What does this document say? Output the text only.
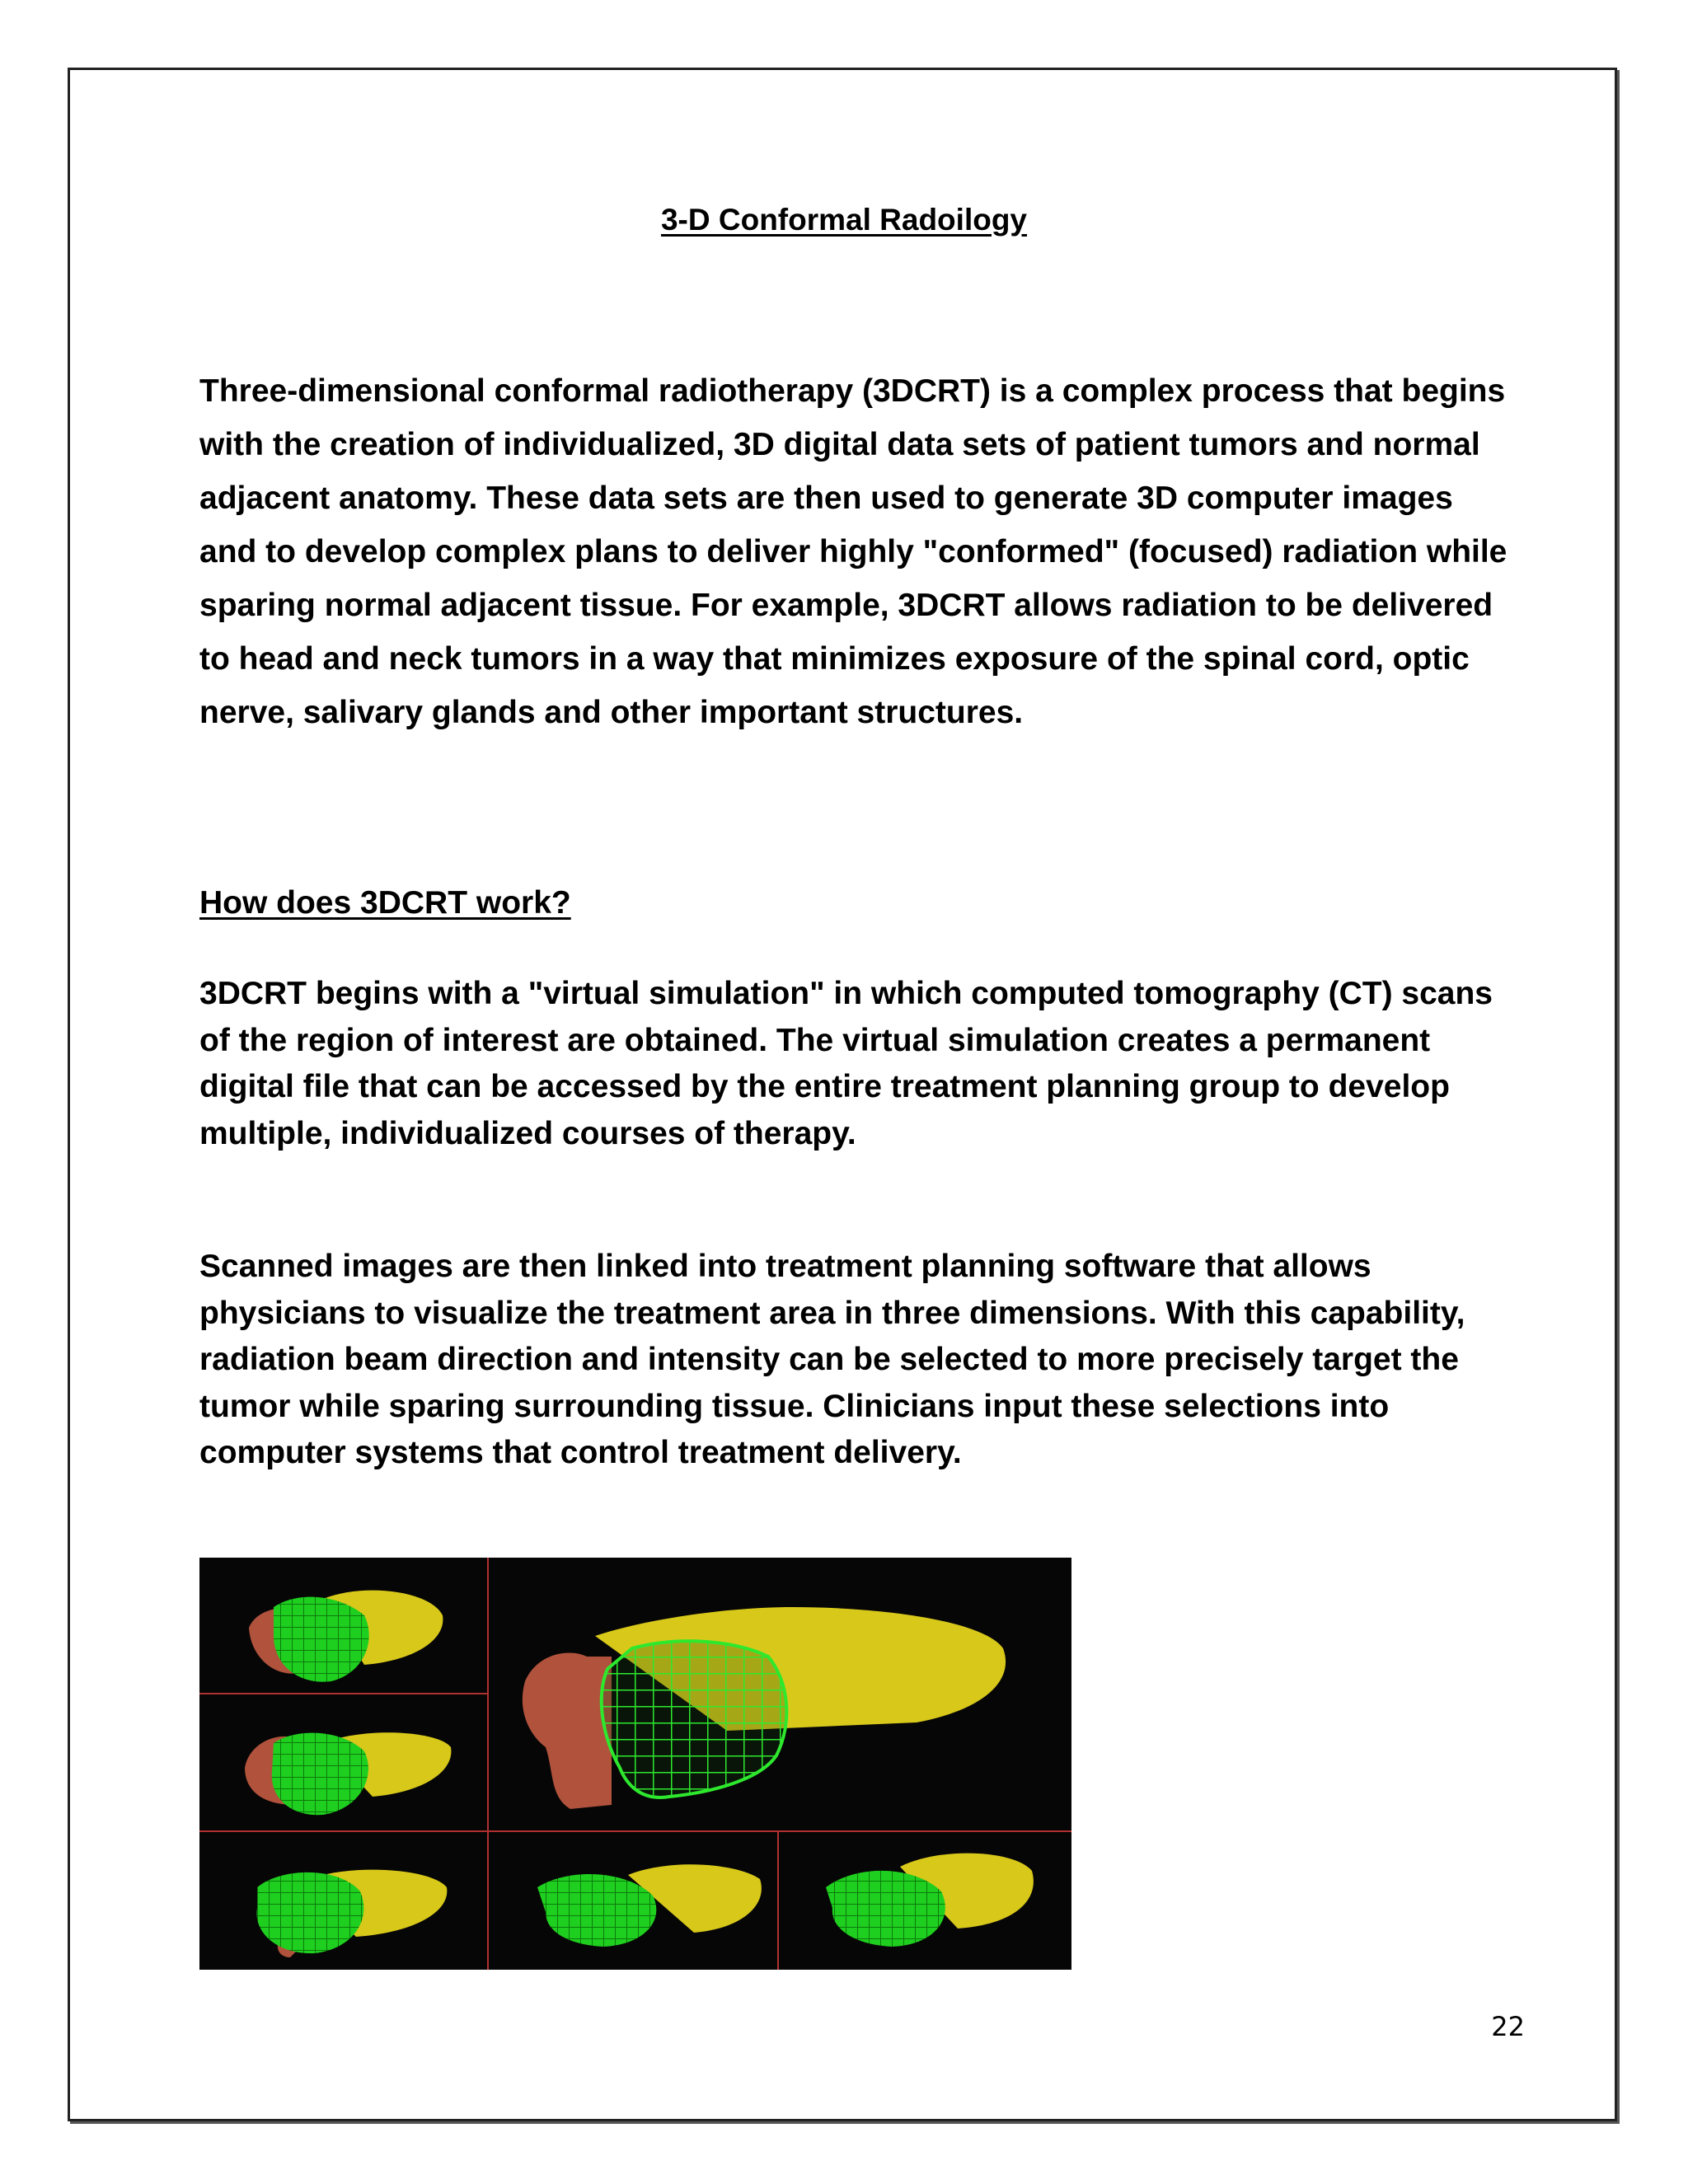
3-D Conformal Radoilogy

Three-dimensional conformal radiotherapy (3DCRT) is a complex process that begins with the creation of individualized, 3D digital data sets of patient tumors and normal adjacent anatomy. These data sets are then used to generate 3D computer images and to develop complex plans to deliver highly "conformed" (focused) radiation while sparing normal adjacent tissue. For example, 3DCRT allows radiation to be delivered to head and neck tumors in a way that minimizes exposure of the spinal cord, optic nerve, salivary glands and other important structures.

How does 3DCRT work?

3DCRT begins with a "virtual simulation" in which computed tomography (CT) scans of the region of interest are obtained. The virtual simulation creates a permanent digital file that can be accessed by the entire treatment planning group to develop multiple, individualized courses of therapy.

Scanned images are then linked into treatment planning software that allows physicians to visualize the treatment area in three dimensions. With this capability, radiation beam direction and intensity can be selected to more precisely target the tumor while sparing surrounding tissue. Clinicians input these selections into computer systems that control treatment delivery.

22
